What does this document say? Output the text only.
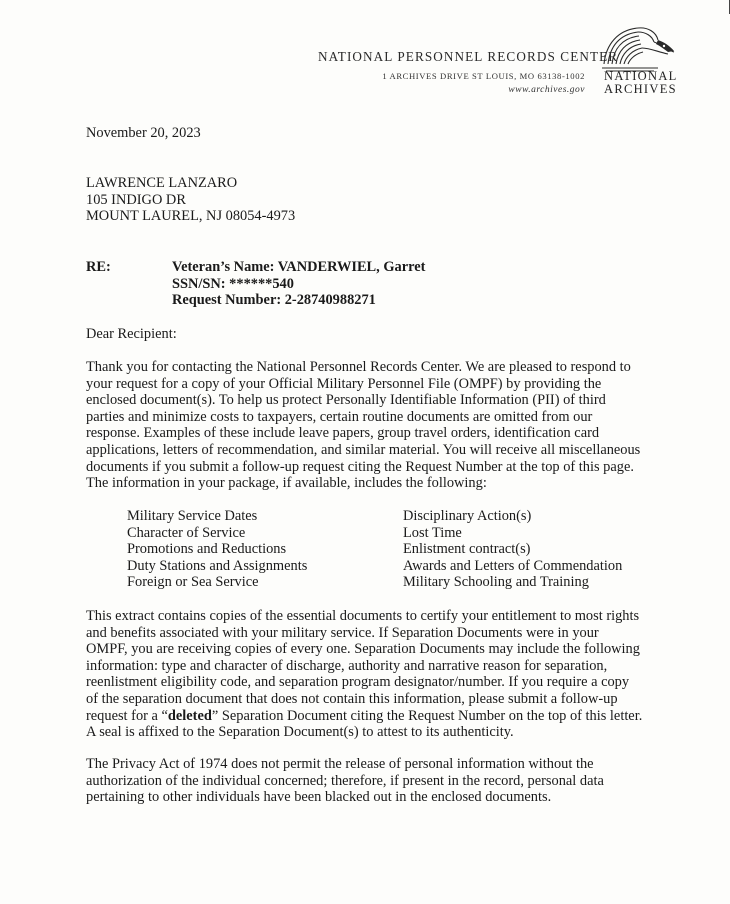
NATIONAL PERSONNEL RECORDS CENTER
1 ARCHIVES DRIVE ST LOUIS, MO 63138-1002
www.archives.gov
NATIONAL
ARCHIVES
November 20, 2023
LAWRENCE LANZARO
105 INDIGO DR
MOUNT LAUREL, NJ 08054-4973
RE:	Veteran’s Name: VANDERWIEL, Garret
SSN/SN: ******540
Request Number: 2-28740988271
Dear Recipient:
Thank you for contacting the National Personnel Records Center. We are pleased to respond to
your request for a copy of your Official Military Personnel File (OMPF) by providing the
enclosed document(s). To help us protect Personally Identifiable Information (PII) of third
parties and minimize costs to taxpayers, certain routine documents are omitted from our
response. Examples of these include leave papers, group travel orders, identification card
applications, letters of recommendation, and similar material. You will receive all miscellaneous
documents if you submit a follow-up request citing the Request Number at the top of this page.
The information in your package, if available, includes the following:
Military Service Dates
Character of Service
Promotions and Reductions
Duty Stations and Assignments
Foreign or Sea Service
Disciplinary Action(s)
Lost Time
Enlistment contract(s)
Awards and Letters of Commendation
Military Schooling and Training
This extract contains copies of the essential documents to certify your entitlement to most rights
and benefits associated with your military service. If Separation Documents were in your
OMPF, you are receiving copies of every one. Separation Documents may include the following
information: type and character of discharge, authority and narrative reason for separation,
reenlistment eligibility code, and separation program designator/number. If you require a copy
of the separation document that does not contain this information, please submit a follow-up
request for a “deleted” Separation Document citing the Request Number on the top of this letter.
A seal is affixed to the Separation Document(s) to attest to its authenticity.
The Privacy Act of 1974 does not permit the release of personal information without the
authorization of the individual concerned; therefore, if present in the record, personal data
pertaining to other individuals have been blacked out in the enclosed documents.
